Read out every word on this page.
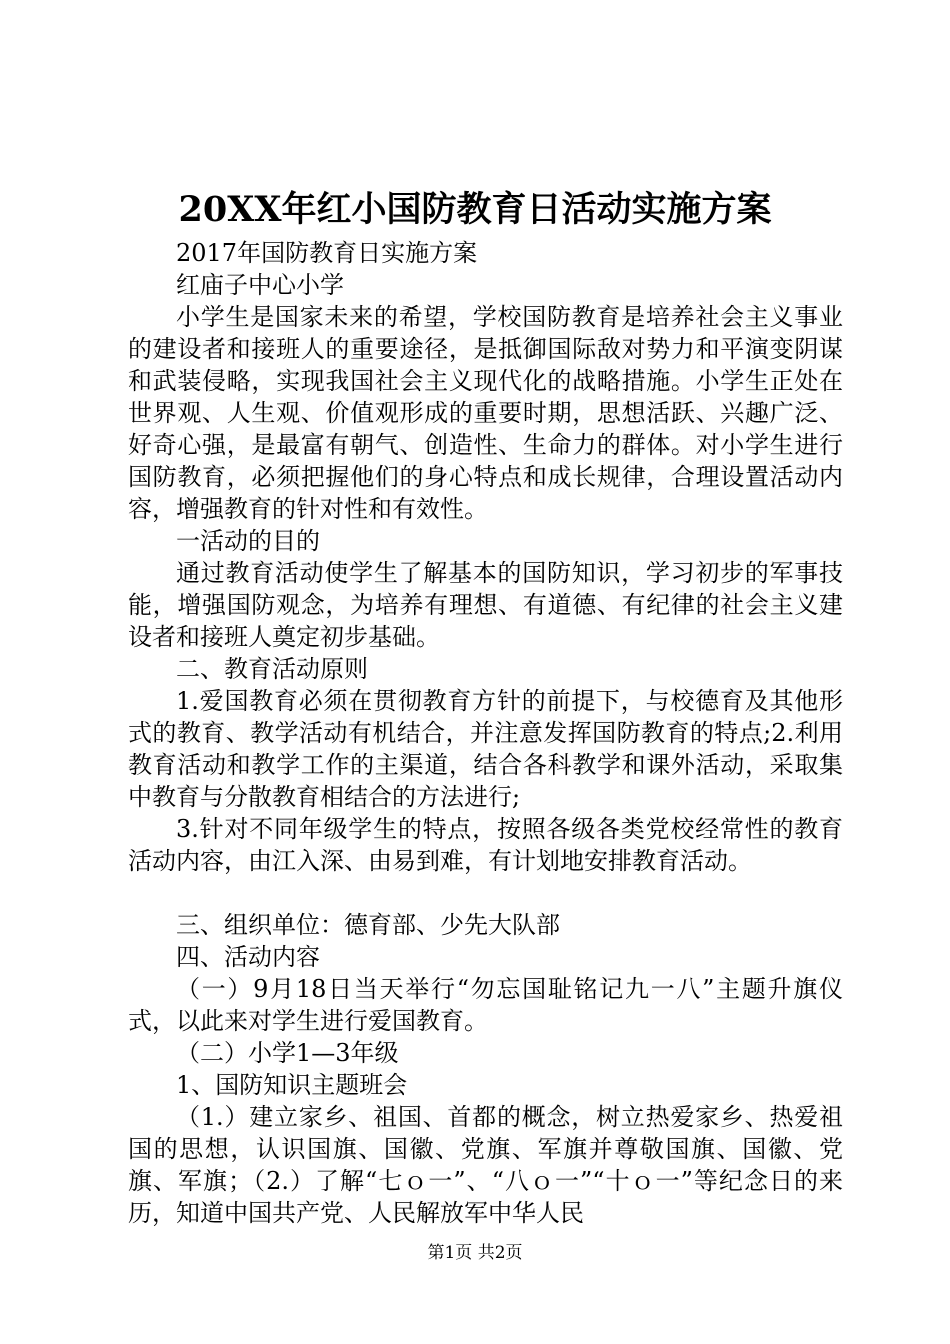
20XX年红小国防教育日活动实施方案

2017年国防教育日实施方案

红庙子中心小学

小学生是国家未来的希望，学校国防教育是培养社会主义事业的建设者和接班人的重要途径，是抵御国际敌对势力和平演变阴谋和武装侵略，实现我国社会主义现代化的战略措施。小学生正处在世界观、人生观、价值观形成的重要时期，思想活跃、兴趣广泛、好奇心强，是最富有朝气、创造性、生命力的群体。对小学生进行国防教育，必须把握他们的身心特点和成长规律，合理设置活动内容，增强教育的针对性和有效性。

一活动的目的

通过教育活动使学生了解基本的国防知识，学习初步的军事技能，增强国防观念，为培养有理想、有道德、有纪律的社会主义建设者和接班人奠定初步基础。

二、教育活动原则

1.爱国教育必须在贯彻教育方针的前提下，与校德育及其他形式的教育、教学活动有机结合，并注意发挥国防教育的特点;2.利用教育活动和教学工作的主渠道，结合各科教学和课外活动，采取集中教育与分散教育相结合的方法进行;

3.针对不同年级学生的特点，按照各级各类党校经常性的教育活动内容，由江入深、由易到难，有计划地安排教育活动。

三、组织单位：德育部、少先大队部

四、活动内容

（一）9月18日当天举行“勿忘国耻铭记九一八”主题升旗仪式，以此来对学生进行爱国教育。

（二）小学1—3年级

1、国防知识主题班会

（1.）建立家乡、祖国、首都的概念，树立热爱家乡、热爱祖国的思想，认识国旗、国徽、党旗、军旗并尊敬国旗、国徽、党旗、军旗；（2.）了解“七ｏ一”、“八ｏ一”“十ｏ一”等纪念日的来历，知道中国共产党、人民解放军中华人民

第1页 共2页
